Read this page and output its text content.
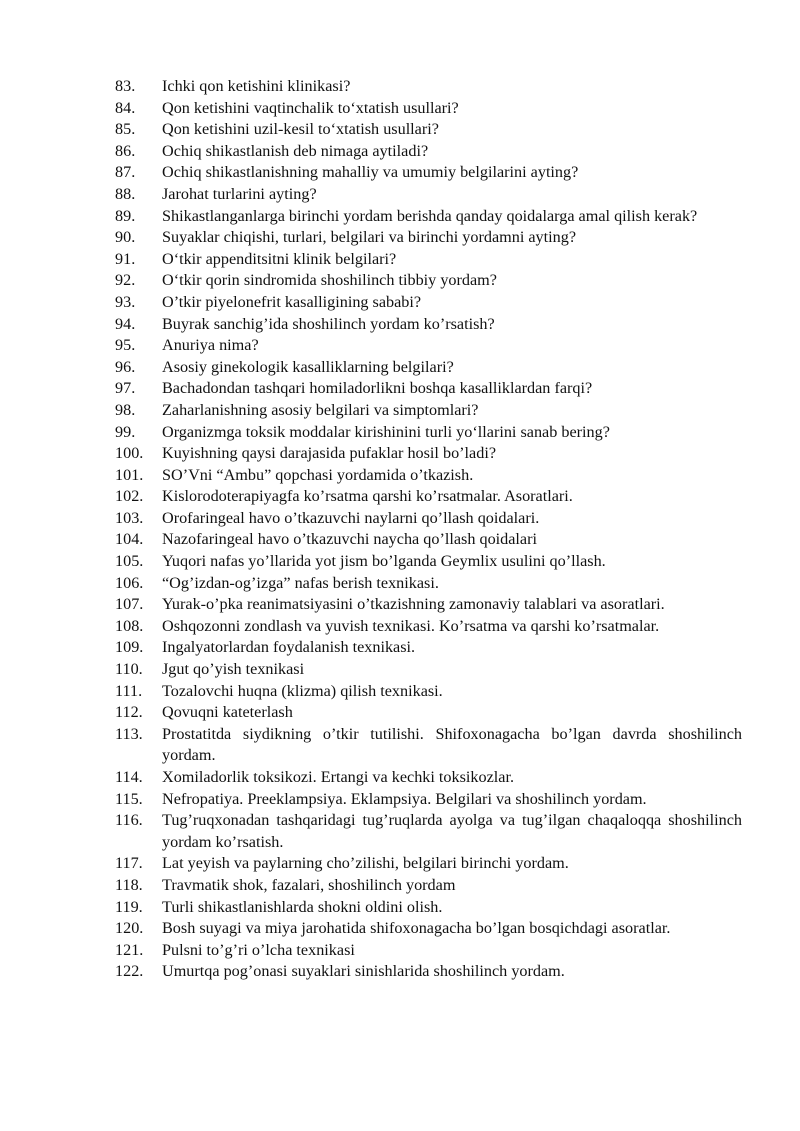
83.	Ichki qon ketishini klinikasi?
84.	Qon ketishini vaqtinchalik to‘xtatish usullari?
85.	Qon ketishini uzil-kesil to‘xtatish usullari?
86.	Ochiq shikastlanish deb nimaga aytiladi?
87.	Ochiq shikastlanishning mahalliy va umumiy belgilarini ayting?
88.	Jarohat turlarini ayting?
89.	Shikastlanganlarga birinchi yordam berishda qanday qoidalarga amal qilish kerak?
90.	Suyaklar chiqishi, turlari, belgilari va birinchi yordamni ayting?
91.	O‘tkir appenditsitni klinik belgilari?
92.	O‘tkir qorin sindromida shoshilinch tibbiy yordam?
93.	O’tkir piyelonefrit kasalligining sababi?
94.	Buyrak sanchig’ida shoshilinch yordam ko’rsatish?
95.	Anuriya nima?
96.	Asosiy ginekologik kasalliklarning belgilari?
97.	Bachadondan tashqari homiladorlikni boshqa kasalliklardan farqi?
98.	Zaharlanishning asosiy belgilari va simptomlari?
99.	Organizmga toksik moddalar kirishinini turli yo‘llarini sanab bering?
100.	Kuyishning qaysi darajasida pufaklar hosil bo’ladi?
101.	SO’Vni “Ambu” qopchasi yordamida o’tkazish.
102.	Kislorodoterapiyagfa ko’rsatma qarshi ko’rsatmalar. Asoratlari.
103.	Orofaringeal havo o’tkazuvchi naylarni qo’llash qoidalari.
104.	Nazofaringeal havo o’tkazuvchi naycha qo’llash qoidalari
105.	Yuqori nafas yo’llarida yot jism bo’lganda Geymlix usulini qo’llash.
106.	“Og’izdan-og’izga” nafas berish texnikasi.
107.	Yurak-o’pka reanimatsiyasini o’tkazishning zamonaviy talablari va asoratlari.
108.	Oshqozonni zondlash va yuvish texnikasi. Ko’rsatma va qarshi ko’rsatmalar.
109.	Ingalyatorlardan foydalanish texnikasi.
110.	Jgut qo’yish texnikasi
111.	Tozalovchi huqna (klizma) qilish texnikasi.
112.	Qovuqni kateterlash
113.	Prostatitda siydikning o’tkir tutilishi. Shifoxonagacha bo’lgan davrda shoshilinch yordam.
114.	Xomiladorlik toksikozi. Ertangi va kechki toksikozlar.
115.	Nefropatiya. Preeklampsiya. Eklampsiya. Belgilari va shoshilinch yordam.
116.	Tug’ruqxonadan tashqaridagi tug’ruqlarda ayolga va tug’ilgan chaqaloqqa shoshilinch yordam ko’rsatish.
117.	Lat yeyish va paylarning cho’zilishi, belgilari birinchi yordam.
118.	Travmatik shok, fazalari, shoshilinch yordam
119.	Turli shikastlanishlarda shokni oldini olish.
120.	Bosh suyagi va miya jarohatida shifoxonagacha bo’lgan bosqichdagi asoratlar.
121.	Pulsni to’g’ri o’lcha texnikasi
122.	Umurtqa pog’onasi suyaklari sinishlarida shoshilinch yordam.
